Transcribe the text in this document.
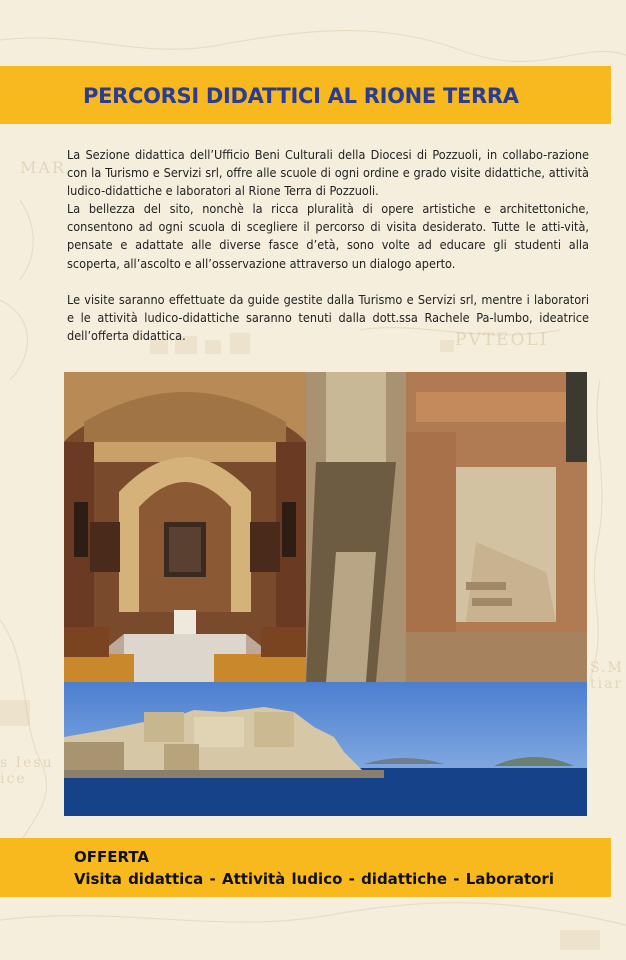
PVTEOLI
MAR
S.M
tiar
s Iesu
ice
PERCORSI DIDATTICI AL RIONE TERRA

La Sezione didattica dell’Ufficio Beni Culturali della Diocesi di Pozzuoli, in collabo-razione con la Turismo e Servizi srl, offre alle scuole di ogni ordine e grado visite didattiche, attività ludico-didattiche e laboratori al Rione Terra di Pozzuoli.

La bellezza del sito, nonchè la ricca pluralità di opere artistiche e architettoniche, consentono ad ogni scuola di scegliere il percorso di visita desiderato. Tutte le atti-vità, pensate e adattate alle diverse fasce d’età, sono volte ad educare gli studenti alla scoperta, all’ascolto e all’osservazione attraverso un dialogo aperto.

Le visite saranno effettuate da guide gestite dalla Turismo e Servizi srl, mentre i laboratori e le attività ludico-didattiche saranno tenuti dalla dott.ssa Rachele Pa-lumbo, ideatrice dell’offerta didattica.

OFFERTA
Visita didattica - Attività ludico - didattiche - Laboratori
